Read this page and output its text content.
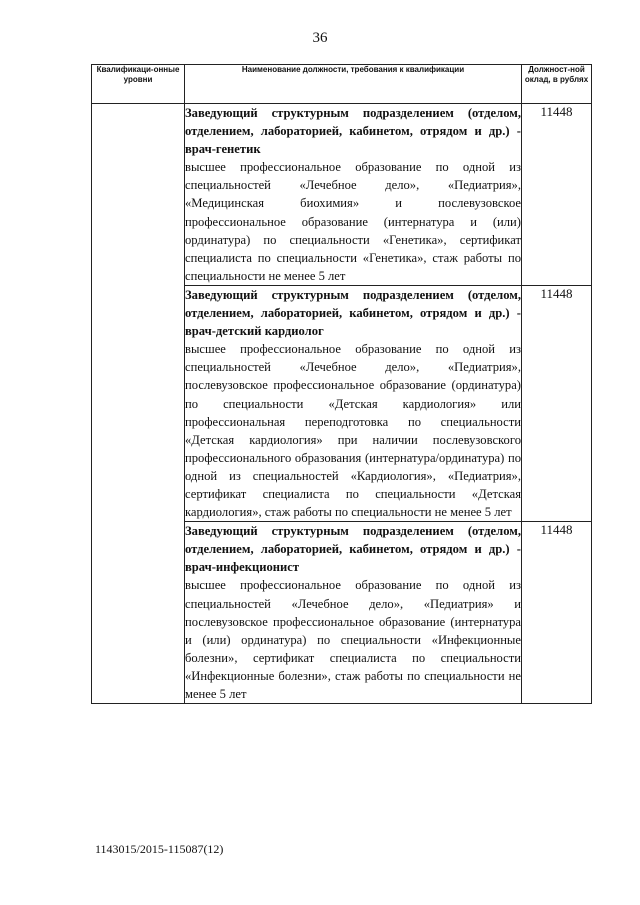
36
Квалификаци-онные уровни	Наименование должности, требования к квалификации	Должност-ной оклад, в рублях

	Заведующий структурным подразделением (отделом, отделением, лабораторией, кабинетом, отрядом и др.) - врач-генетик
высшее профессиональное образование по одной из специальностей «Лечебное дело», «Педиатрия», «Медицинская биохимия» и послевузовское профессиональное образование (интернатура и (или) ординатура) по специальности «Генетика», сертификат специалиста по специальности «Генетика», стаж работы по специальности не менее 5 лет	11448

	Заведующий структурным подразделением (отделом, отделением, лабораторией, кабинетом, отрядом и др.) - врач-детский кардиолог
высшее профессиональное образование по одной из специальностей «Лечебное дело», «Педиатрия», послевузовское профессиональное образование (ординатура) по специальности «Детская кардиология» или профессиональная переподготовка по специальности «Детская кардиология» при наличии послевузовского профессионального образования (интернатура/ординатура) по одной из специальностей «Кардиология», «Педиатрия», сертификат специалиста по специальности «Детская кардиология», стаж работы по специальности не менее 5 лет	11448

	Заведующий структурным подразделением (отделом, отделением, лабораторией, кабинетом, отрядом и др.) - врач-инфекционист
высшее профессиональное образование по одной из специальностей «Лечебное дело», «Педиатрия» и послевузовское профессиональное образование (интернатура и (или) ординатура) по специальности «Инфекционные болезни», сертификат специалиста по специальности «Инфекционные болезни», стаж работы по специальности не менее 5 лет	11448
1143015/2015-115087(12)
